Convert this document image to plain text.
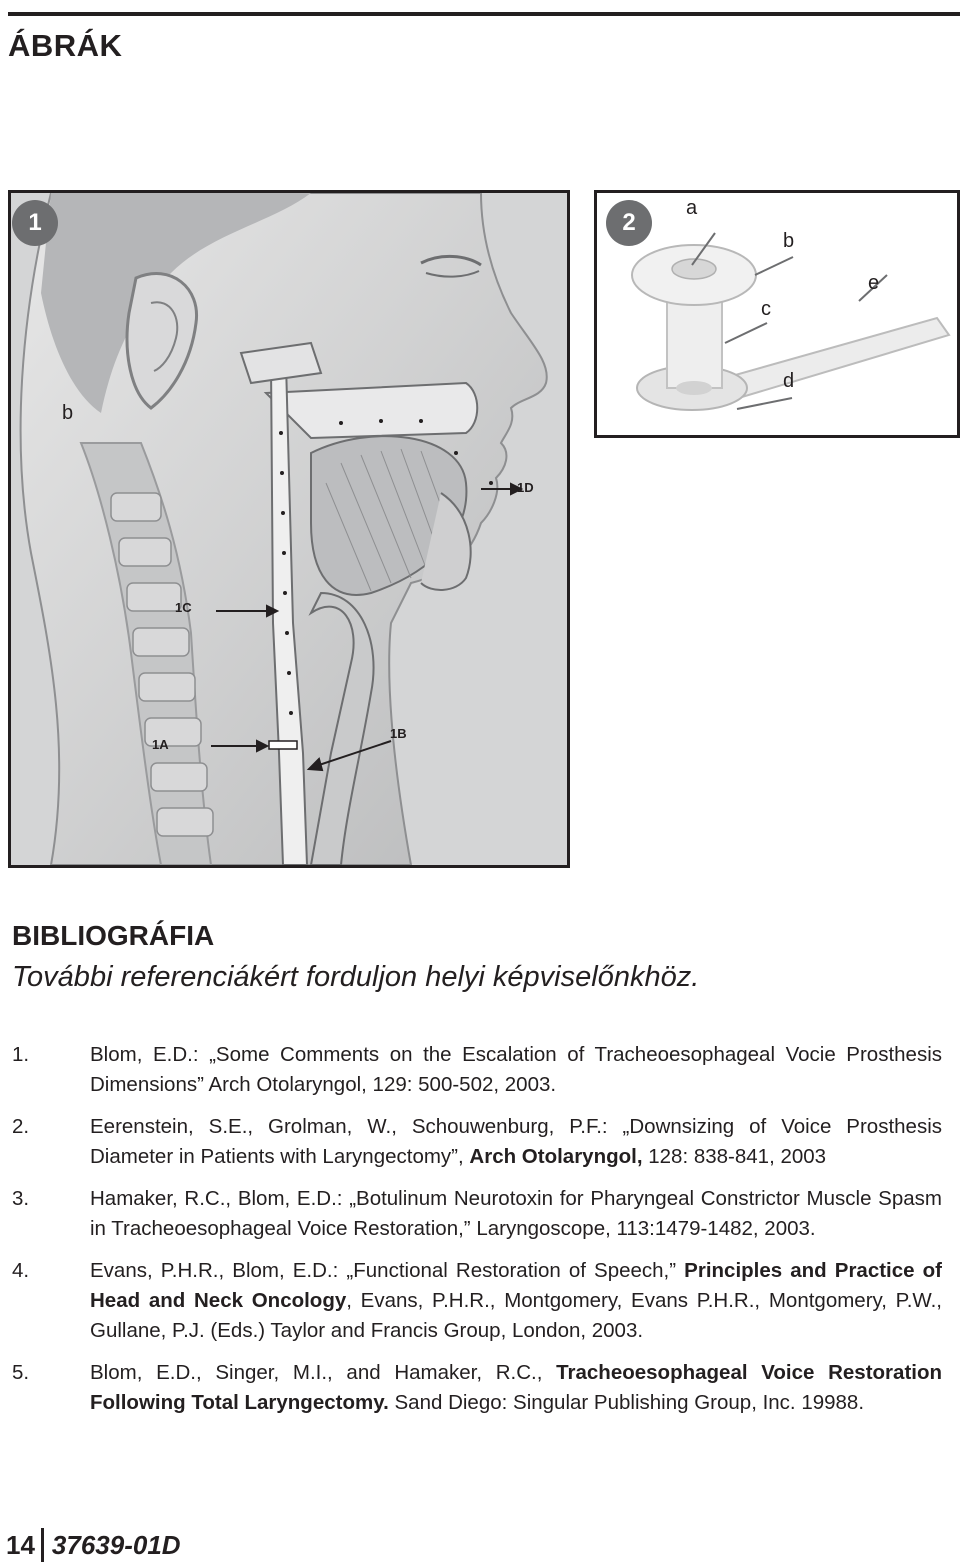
ÁBRÁK
1
b
1D
1C
1A
1B
2
a
b
c
e
d
BIBLIOGRÁFIA
További referenciákért forduljon helyi képviselőnkhöz.
1.	Blom, E.D.: „Some Comments on the Escalation of Tracheoesophageal Vocie Prosthesis Dimensions” Arch Otolaryngol, 129: 500-502, 2003.
2.	Eerenstein, S.E., Grolman, W., Schouwenburg, P.F.: „Downsizing of Voice Prosthesis Diameter in Patients with Laryngectomy”, Arch Otolaryngol, 128: 838-841, 2003
3.	Hamaker, R.C., Blom, E.D.: „Botulinum Neurotoxin for Pharyngeal Constrictor Muscle Spasm in Tracheoesophageal Voice Restoration,” Laryngoscope, 113:1479-1482, 2003.
4.	Evans, P.H.R., Blom, E.D.: „Functional Restoration of Speech,” Principles and Practice of Head and Neck Oncology, Evans, P.H.R., Montgomery, Evans P.H.R., Montgomery, P.W., Gullane, P.J. (Eds.) Taylor and Francis Group, London, 2003.
5.	Blom, E.D., Singer, M.I., and Hamaker, R.C., Tracheoesophageal Voice Restoration Following Total Laryngectomy. Sand Diego: Singular Publishing Group, Inc. 19988.
14 37639-01D
